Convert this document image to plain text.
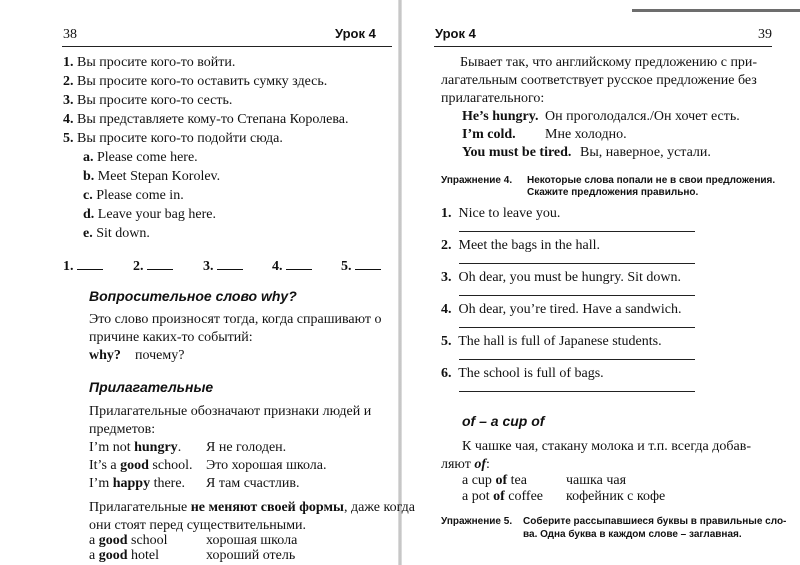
38	Урок 4
1. Вы просите кого-то войти.
2. Вы просите кого-то оставить сумку здесь.
3. Вы просите кого-то сесть.
4. Вы представляете кому-то Степана Королева.
5. Вы просите кого-то подойти сюда.
a. Please come here.
b. Meet Stepan Korolev.
c. Please come in.
d. Leave your bag here.
e. Sit down.
1.	2.	3.	4.	5.
Вопросительное слово why?
Это слово произносят тогда, когда спрашивают о
причине каких-то событий:
why? почему?
Прилагательные
Прилагательные обозначают признаки людей и
предметов:
I’m not hungry. Я не голоден.
It’s a good school. Это хорошая школа.
I’m happy there. Я там счастлив.
Прилагательные не меняют своей формы, даже когда
они стоят перед существительными.
a good school	хорошая школа
a good hotel	хороший отель
Урок 4	39
Бывает так, что английскому предложению с при-
лагательным соответствует русское предложение без
прилагательного:
He’s hungry. Он проголодался./Он хочет есть.
I’m cold. Мне холодно.
You must be tired. Вы, наверное, устали.
Упражнение 4. Некоторые слова попали не в свои предложения.
Скажите предложения правильно.
1. Nice to leave you.
2. Meet the bags in the hall.
3. Oh dear, you must be hungry. Sit down.
4. Oh dear, you’re tired. Have a sandwich.
5. The hall is full of Japanese students.
6. The school is full of bags.
of – a cup of
К чашке чая, стакану молока и т.п. всегда добав-
ляют of:
a cup of tea	чашка чая
a pot of coffee кофейник с кофе
Упражнение 5. Соберите рассыпавшиеся буквы в правильные сло-
ва. Одна буква в каждом слове – заглавная.
